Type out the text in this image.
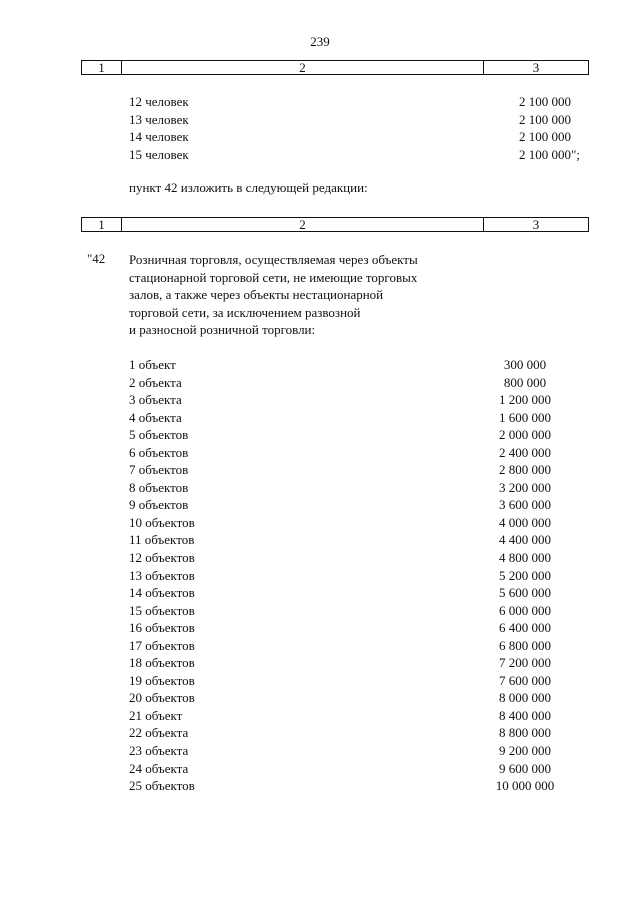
239
1	2	3
12 человек	2 100 000
13 человек	2 100 000
14 человек	2 100 000
15 человек	2 100 000";
пункт 42 изложить в следующей редакции:
1	2	3
"42 Розничная торговля, осуществляемая через объекты
стационарной торговой сети, не имеющие торговых
залов, а также через объекты нестационарной
торговой сети, за исключением развозной
и разносной розничной торговли:
1 объект	300 000
2 объекта	800 000
3 объекта	1 200 000
4 объекта	1 600 000
5 объектов	2 000 000
6 объектов	2 400 000
7 объектов	2 800 000
8 объектов	3 200 000
9 объектов	3 600 000
10 объектов	4 000 000
11 объектов	4 400 000
12 объектов	4 800 000
13 объектов	5 200 000
14 объектов	5 600 000
15 объектов	6 000 000
16 объектов	6 400 000
17 объектов	6 800 000
18 объектов	7 200 000
19 объектов	7 600 000
20 объектов	8 000 000
21 объект	8 400 000
22 объекта	8 800 000
23 объекта	9 200 000
24 объекта	9 600 000
25 объектов	10 000 000
